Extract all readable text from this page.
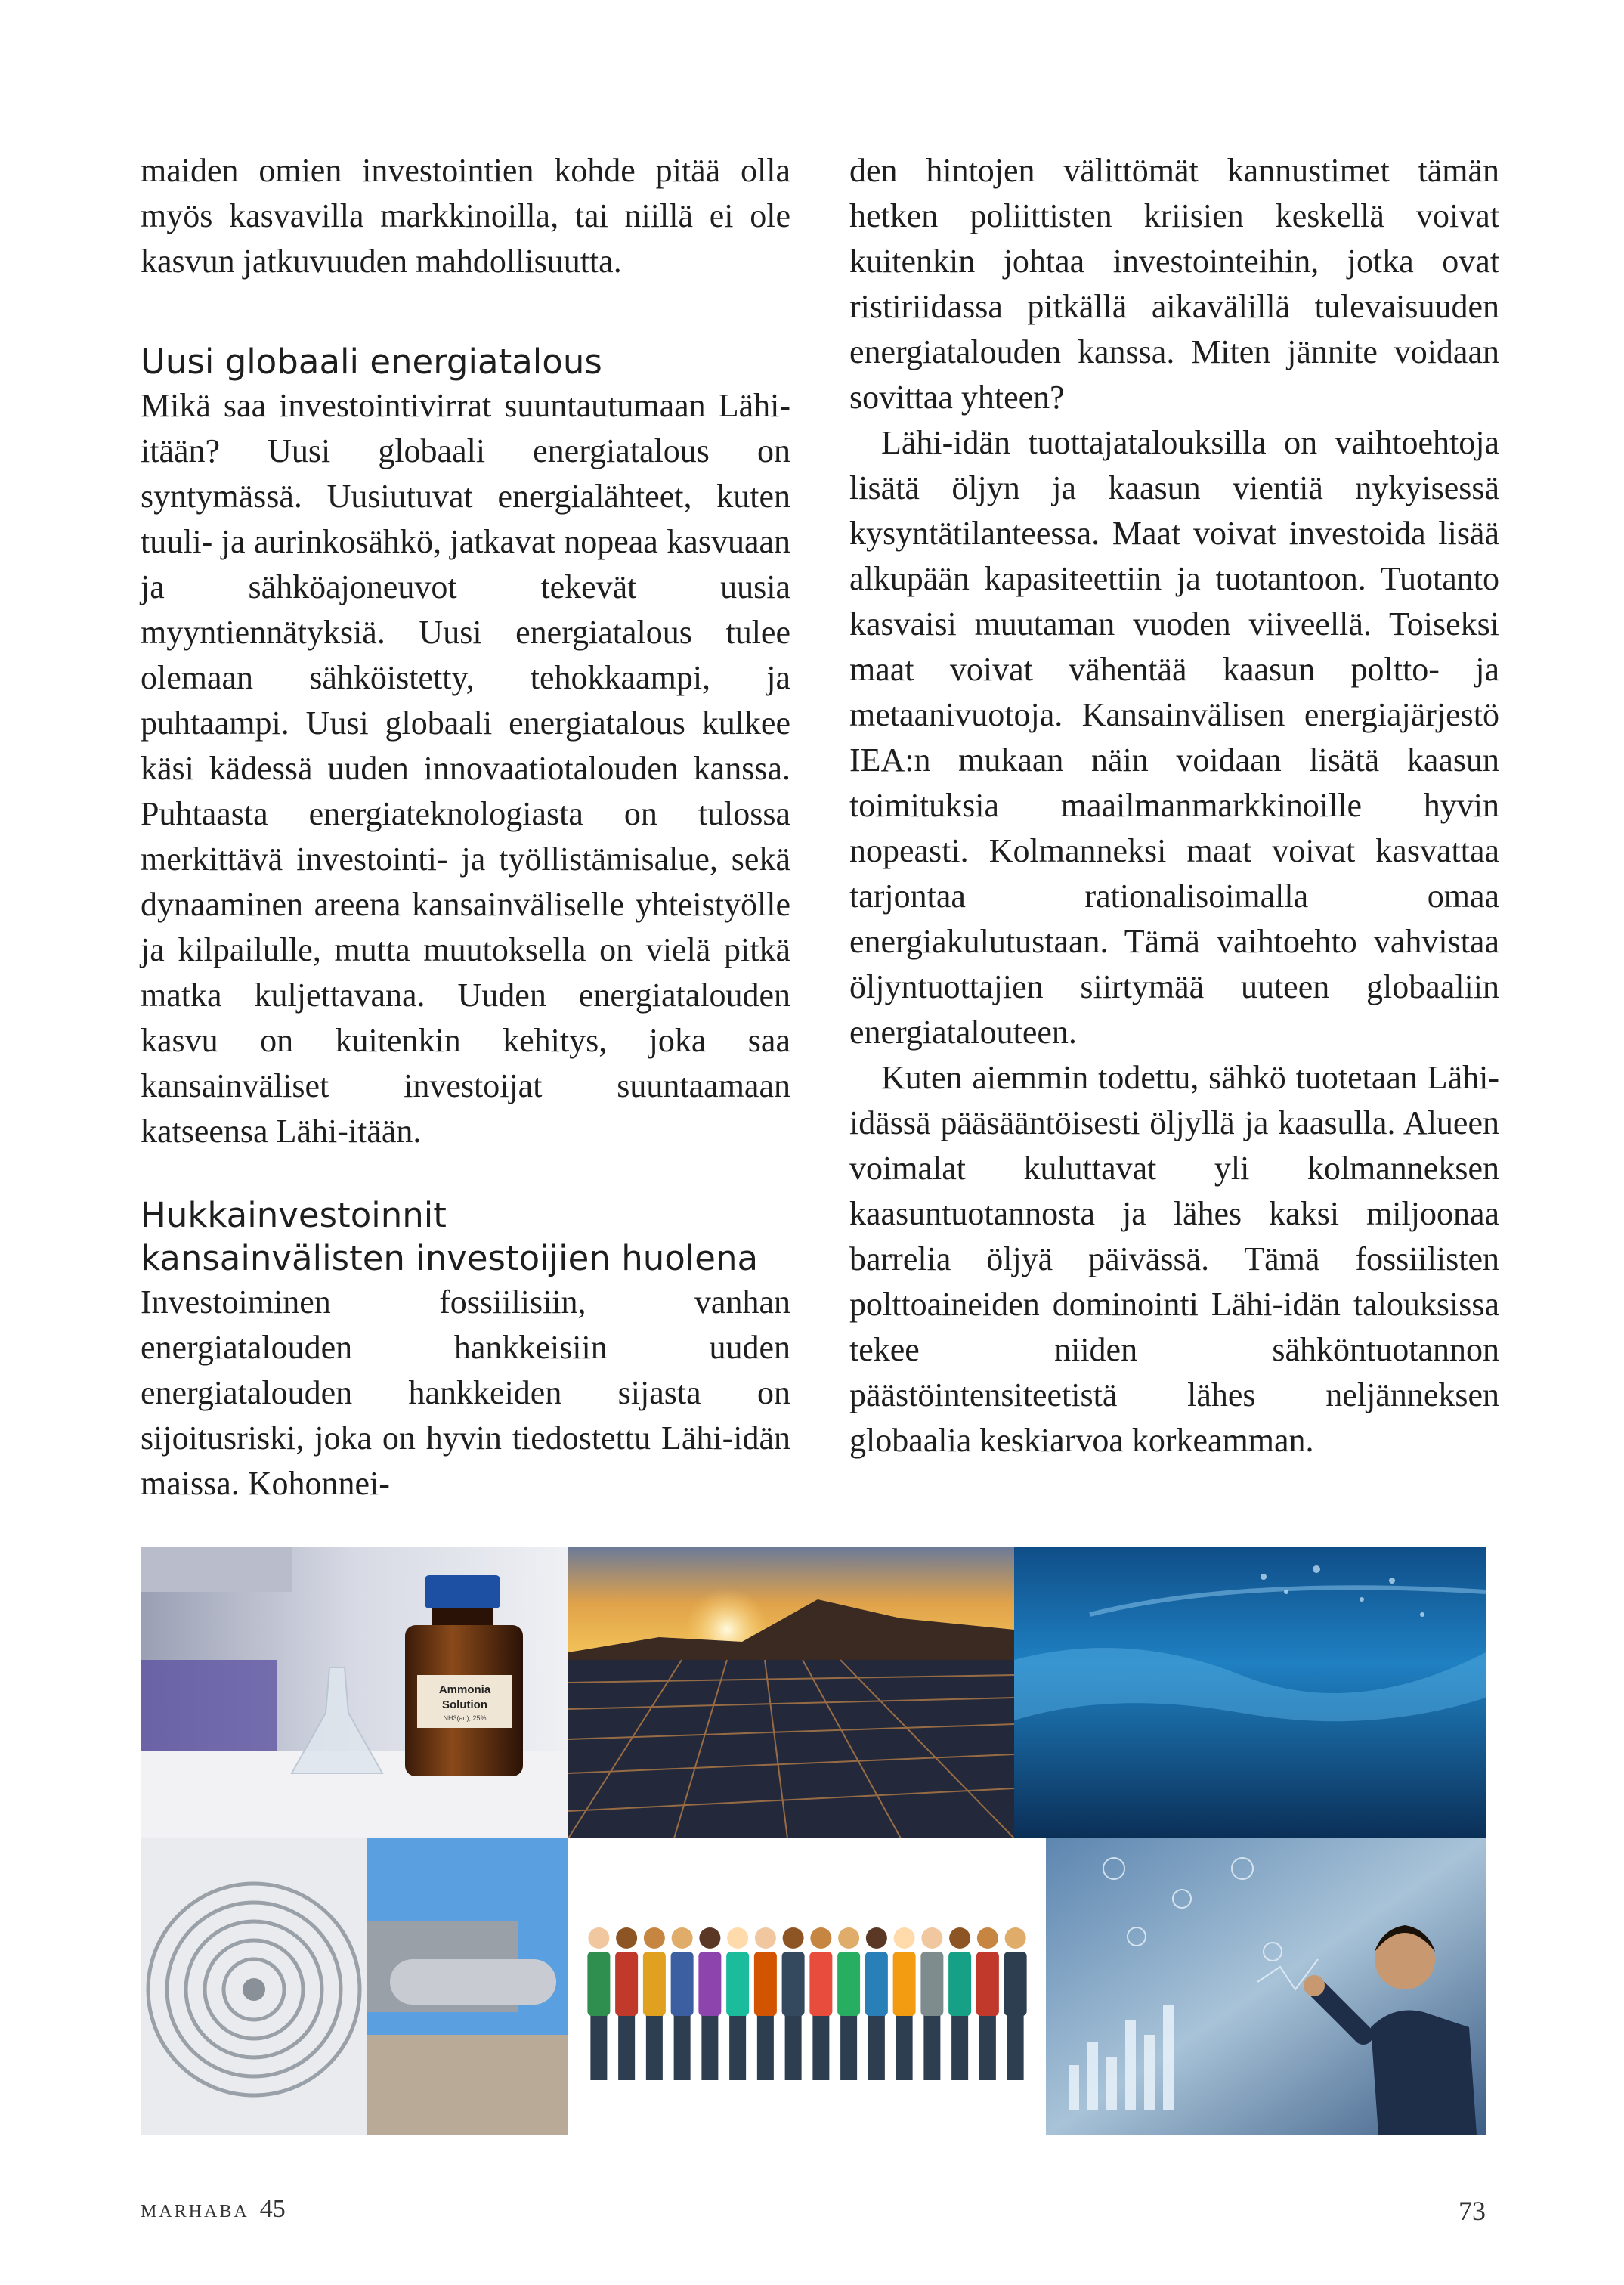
maiden omien investointien kohde pitää olla myös kasvavilla markkinoilla, tai niillä ei ole kasvun jatkuvuuden mahdollisuutta.

Uusi globaali energiatalous

Mikä saa investointivirrat suuntautumaan Lähi-itään? Uusi globaali energiatalous on syntymässä. Uusiutuvat energialähteet, kuten tuuli- ja aurinkosähkö, jatkavat nopeaa kasvuaan ja sähköajoneuvot tekevät uusia myyntiennätyksiä. Uusi energiatalous tulee olemaan sähköistetty, tehokkaampi, ja puhtaampi. Uusi globaali energiatalous kulkee käsi kädessä uuden innovaatiotalouden kanssa. Puhtaasta energiateknologiasta on tulossa merkittävä investointi- ja työllistämisalue, sekä dynaaminen areena kansainväliselle yhteistyölle ja kilpailulle, mutta muutoksella on vielä pitkä matka kuljettavana. Uuden energiatalouden kasvu on kuitenkin kehitys, joka saa kansainväliset investoijat suuntaamaan katseensa Lähi-itään.

Hukkainvestoinnit
kansainvälisten investoijien huolena

Investoiminen fossiilisiin, vanhan energiatalouden hankkeisiin uuden energiatalouden hankkeiden sijasta on sijoitusriski, joka on hyvin tiedostettu Lähi-idän maissa. Kohonnei-

den hintojen välittömät kannustimet tämän hetken poliittisten kriisien keskellä voivat kuitenkin johtaa investointeihin, jotka ovat ristiriidassa pitkällä aikavälillä tulevaisuuden energiatalouden kanssa. Miten jännite voidaan sovittaa yhteen?

Lähi-idän tuottajatalouksilla on vaihtoehtoja lisätä öljyn ja kaasun vientiä nykyisessä kysyntätilanteessa. Maat voivat investoida lisää alkupään kapasiteettiin ja tuotantoon. Tuotanto kasvaisi muutaman vuoden viiveellä. Toiseksi maat voivat vähentää kaasun poltto- ja metaanivuotoja. Kansainvälisen energiajärjestö IEA:n mukaan näin voidaan lisätä kaasun toimituksia maailmanmarkkinoille hyvin nopeasti. Kolmanneksi maat voivat kasvattaa tarjontaa rationalisoimalla omaa energiakulutustaan. Tämä vaihtoehto vahvistaa öljyntuottajien siirtymää uuteen globaaliin energiatalouteen.

Kuten aiemmin todettu, sähkö tuotetaan Lähi-idässä pääsääntöisesti öljyllä ja kaasulla. Alueen voimalat kuluttavat yli kolmanneksen kaasuntuotannosta ja lähes kaksi miljoonaa barrelia öljyä päivässä. Tämä fossiilisten polttoaineiden dominointi Lähi-idän talouksissa tekee niiden sähköntuotannon päästöintensiteetistä lähes neljänneksen globaalia keskiarvoa korkeamman.

Ammonia
Solution
NH3(aq), 25%
MARHABA 45	73
